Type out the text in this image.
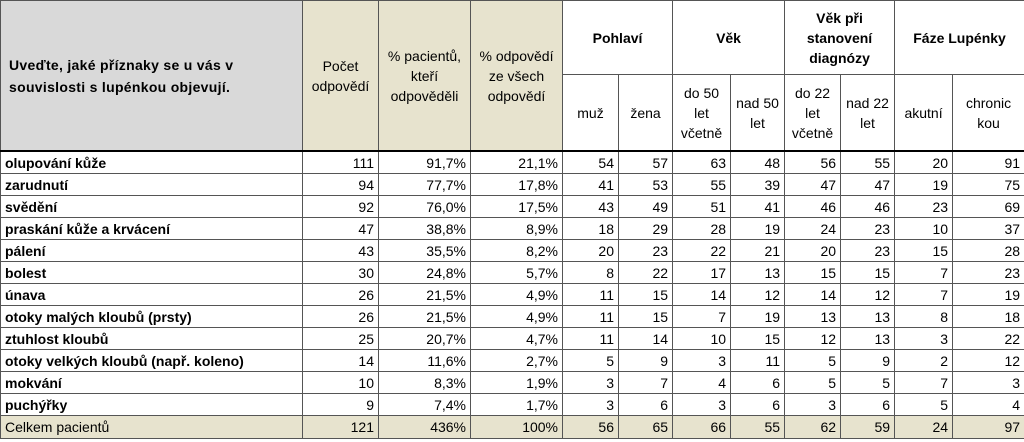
Uveďte, jaké příznaky se u vás v souvislosti s lupénkou objevují.	Počet odpovědí	% pacientů, kteří odpověděli	% odpovědí ze všech odpovědí	Pohlaví		Věk		Věk při stanovení diagnózy		Fáze Lupénky	
				muž	žena	do 50 let včetně	nad 50 let	do 22 let včetně	nad 22 let	akutní	chronic kou
olupování kůže	111	91,7%	21,1%	54	57	63	48	56	55	20	91
zarudnutí	94	77,7%	17,8%	41	53	55	39	47	47	19	75
svědění	92	76,0%	17,5%	43	49	51	41	46	46	23	69
praskání kůže a krvácení	47	38,8%	8,9%	18	29	28	19	24	23	10	37
pálení	43	35,5%	8,2%	20	23	22	21	20	23	15	28
bolest	30	24,8%	5,7%	8	22	17	13	15	15	7	23
únava	26	21,5%	4,9%	11	15	14	12	14	12	7	19
otoky malých kloubů (prsty)	26	21,5%	4,9%	11	15	7	19	13	13	8	18
ztuhlost kloubů	25	20,7%	4,7%	11	14	10	15	12	13	3	22
otoky velkých kloubů (např. koleno)	14	11,6%	2,7%	5	9	3	11	5	9	2	12
mokvání	10	8,3%	1,9%	3	7	4	6	5	5	7	3
puchýřky	9	7,4%	1,7%	3	6	3	6	3	6	5	4
Celkem pacientů	121	436%	100%	56	65	66	55	62	59	24	97
